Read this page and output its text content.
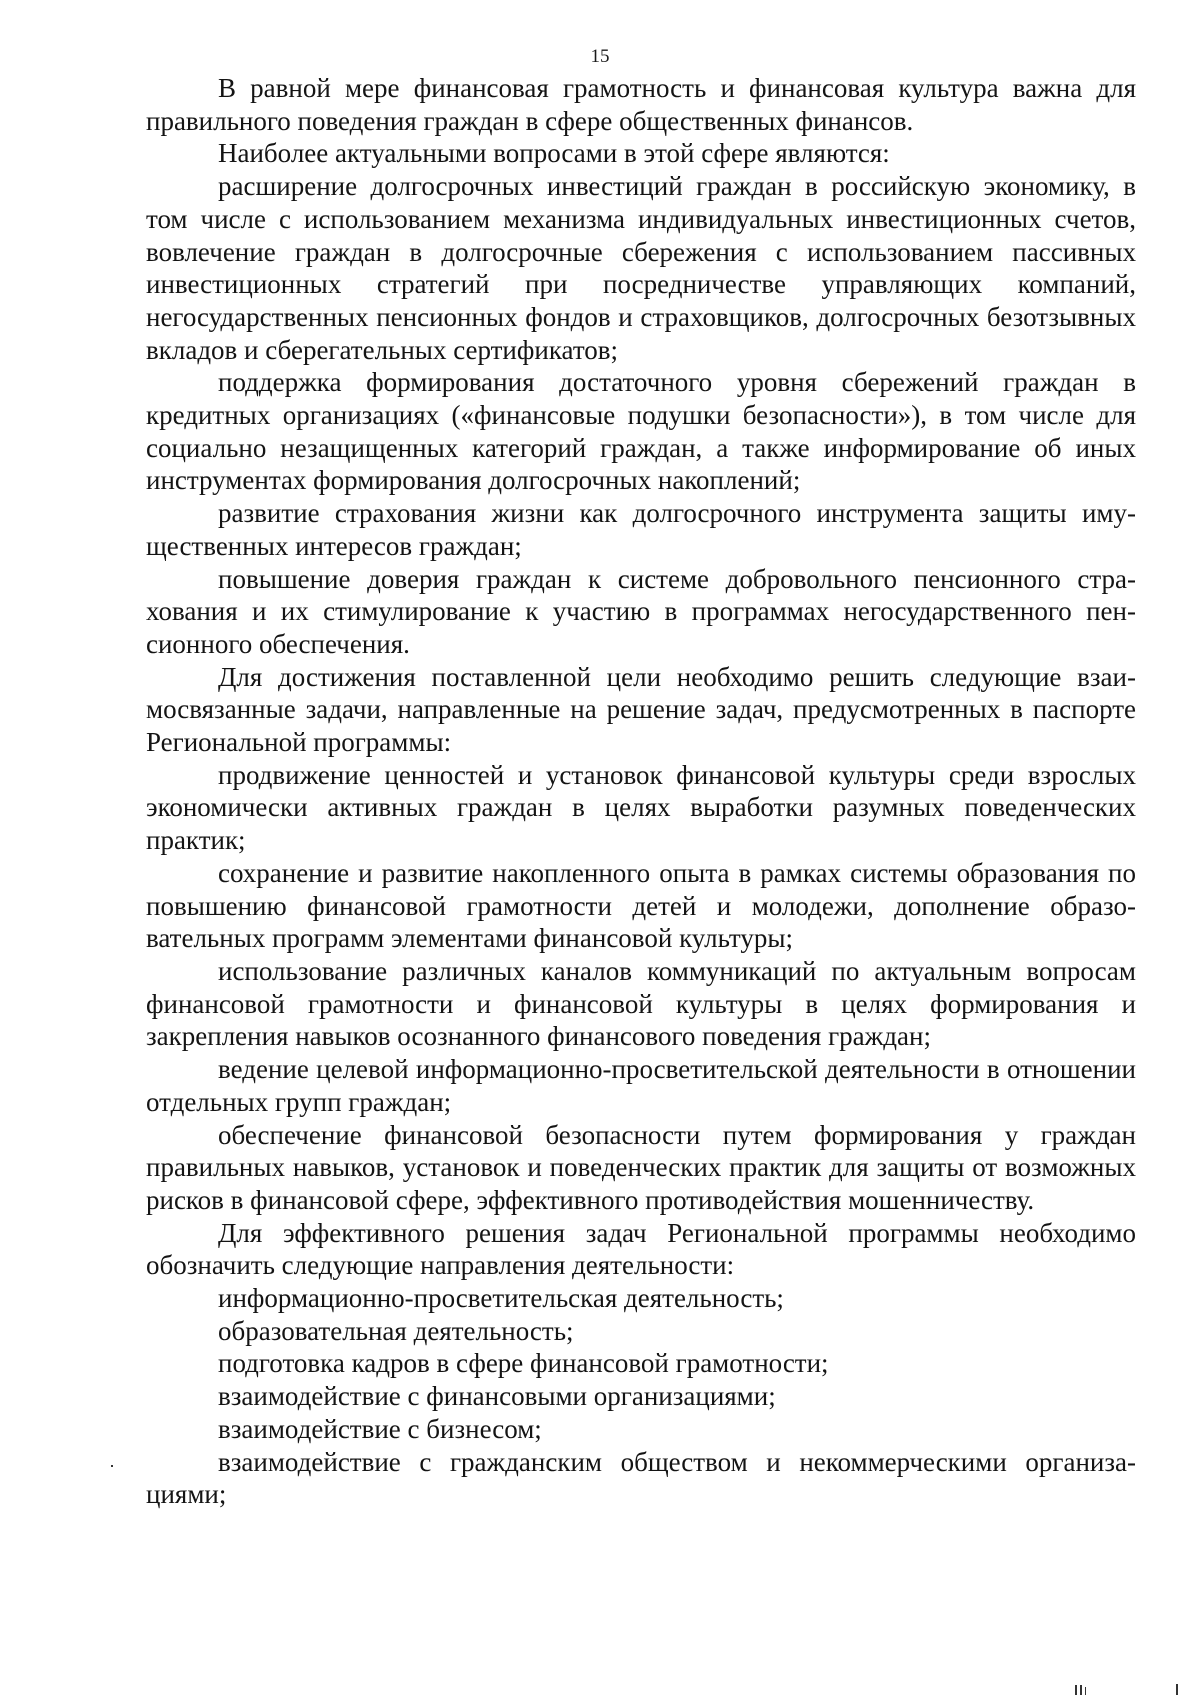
15

В равной мере финансовая грамотность и финансовая культура важна для правильного поведения граждан в сфере общественных финансов.

Наиболее актуальными вопросами в этой сфере являются:

расширение долгосрочных инвестиций граждан в российскую экономику, в том числе с использованием механизма индивидуальных инвестиционных счетов, вовлечение граждан в долгосрочные сбережения с использованием пассивных инвестиционных стратегий при посредничестве управляющих компаний, негосударственных пенсионных фондов и страховщиков, долгосрочных безотзывных вкладов и сберегательных сертификатов;

поддержка формирования достаточного уровня сбережений граждан в кредитных организациях («финансовые подушки безопасности»), в том числе для социально незащищенных категорий граждан, а также информирование об иных инструментах формирования долгосрочных накоплений;

развитие страхования жизни как долгосрочного инструмента защиты имущественных интересов граждан;

повышение доверия граждан к системе добровольного пенсионного страхования и их стимулирование к участию в программах негосударственного пенсионного обеспечения.

Для достижения поставленной цели необходимо решить следующие взаимосвязанные задачи, направленные на решение задач, предусмотренных в паспорте Региональной программы:

продвижение ценностей и установок финансовой культуры среди взрослых экономически активных граждан в целях выработки разумных поведенческих практик;

сохранение и развитие накопленного опыта в рамках системы образования по повышению финансовой грамотности детей и молодежи, дополнение образовательных программ элементами финансовой культуры;

использование различных каналов коммуникаций по актуальным вопросам финансовой грамотности и финансовой культуры в целях формирования и закрепления навыков осознанного финансового поведения граждан;

ведение целевой информационно-просветительской деятельности в отношении отдельных групп граждан;

обеспечение финансовой безопасности путем формирования у граждан правильных навыков, установок и поведенческих практик для защиты от возможных рисков в финансовой сфере, эффективного противодействия мошенничеству.

Для эффективного решения задач Региональной программы необходимо обозначить следующие направления деятельности:

информационно-просветительская деятельность;

образовательная деятельность;

подготовка кадров в сфере финансовой грамотности;

взаимодействие с финансовыми организациями;

взаимодействие с бизнесом;

взаимодействие с гражданским обществом и некоммерческими организациями;
